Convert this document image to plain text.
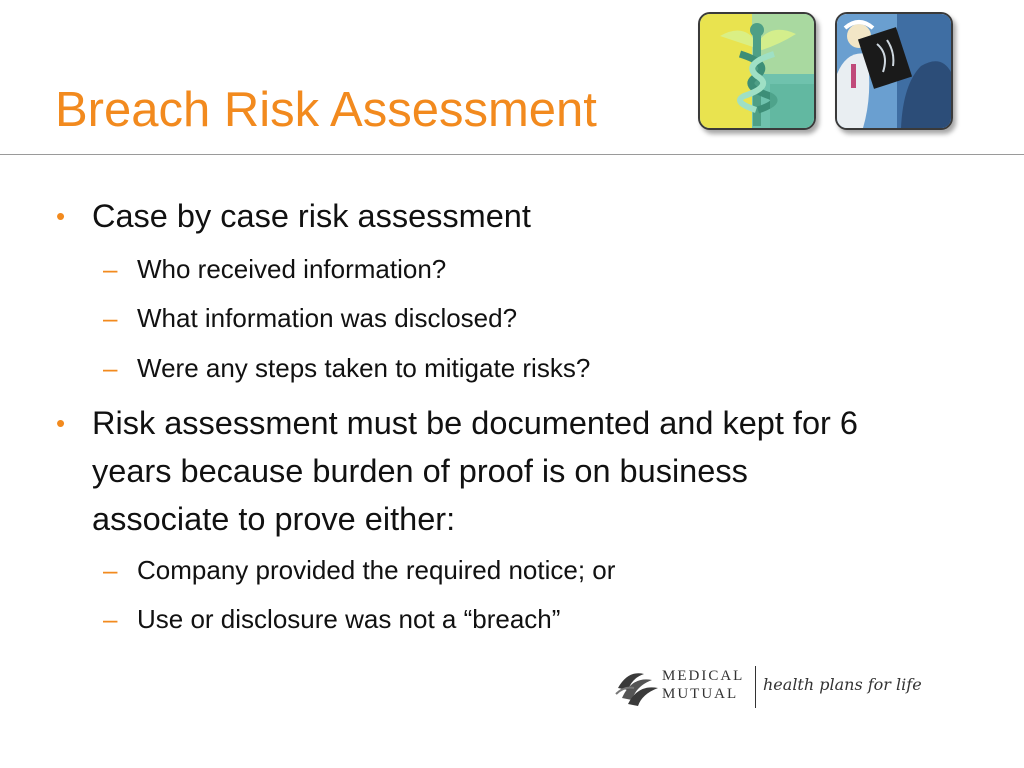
Breach Risk Assessment
• Case by case risk assessment
– Who received information?
– What information was disclosed?
– Were any steps taken to mitigate risks?
• Risk assessment must be documented and kept for 6 years because burden of proof is on business associate to prove either:
– Company provided the required notice; or
– Use or disclosure was not a “breach”
MEDICAL
MUTUAL	health plans for life
